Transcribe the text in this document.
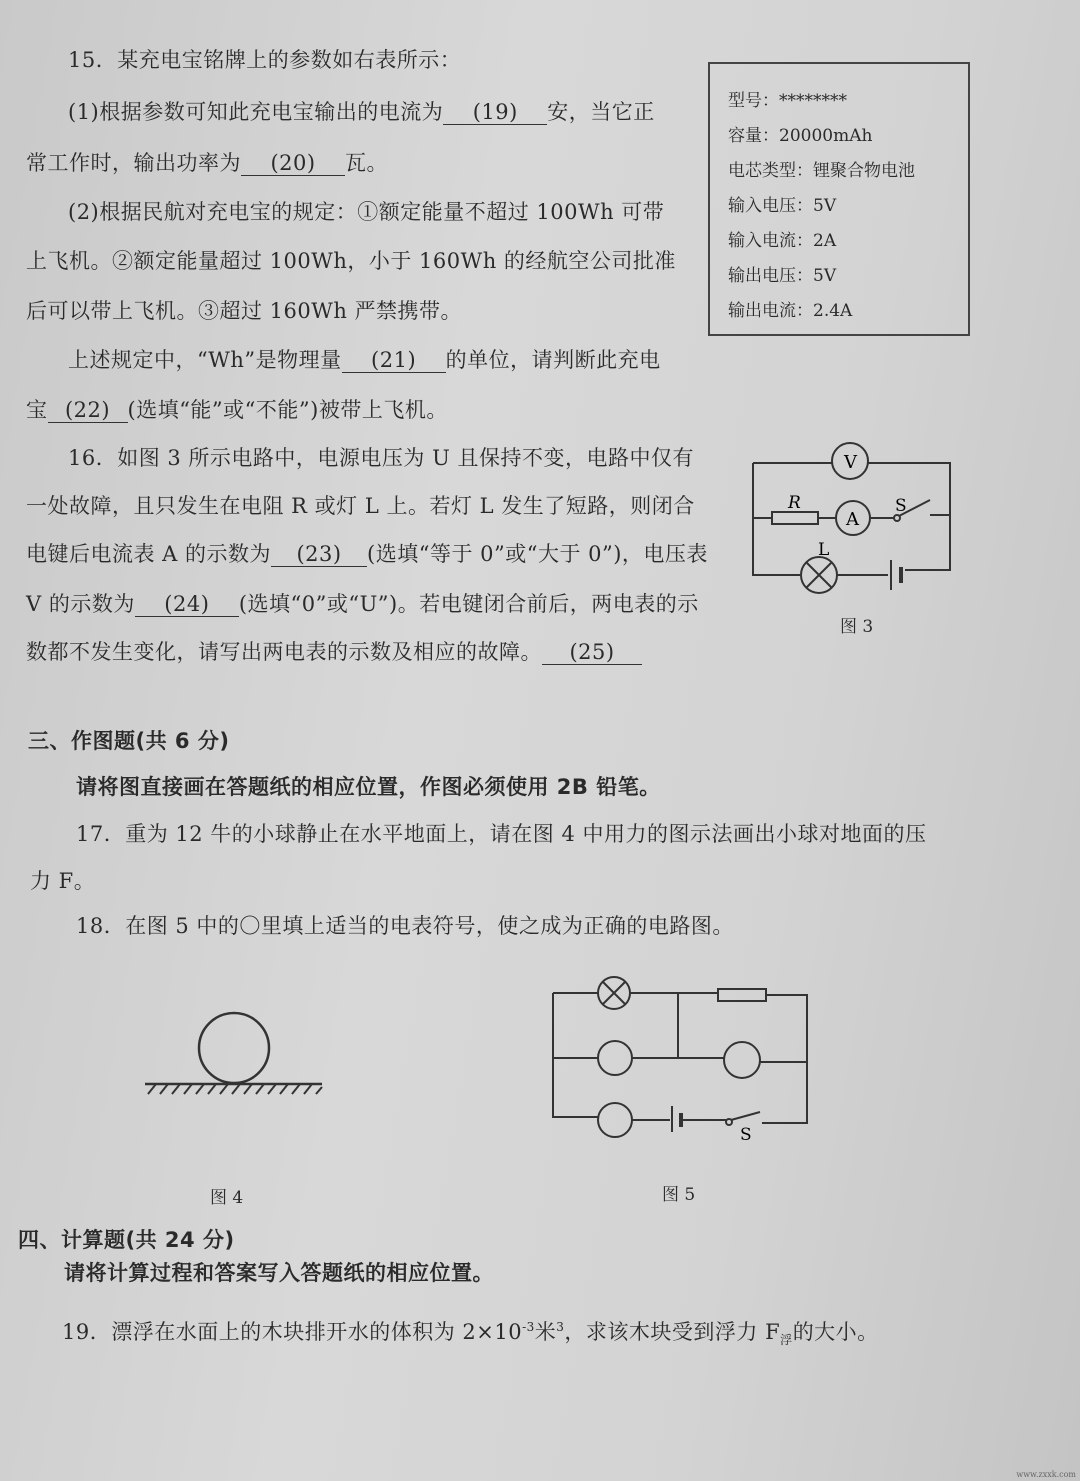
15．某充电宝铭牌上的参数如右表所示：
(1)根据参数可知此充电宝输出的电流为 (19) 安，当它正
常工作时，输出功率为 (20) 瓦。
(2)根据民航对充电宝的规定：①额定能量不超过 100Wh 可带
上飞机。②额定能量超过 100Wh，小于 160Wh 的经航空公司批准
后可以带上飞机。③超过 160Wh 严禁携带。
上述规定中，“Wh”是物理量 (21) 的单位，请判断此充电
宝 (22) (选填“能”或“不能”)被带上飞机。
型号：********
容量：20000mAh
电芯类型：锂聚合物电池
输入电压：5V
输入电流：2A
输出电压：5V
输出电流：2.4A
16．如图 3 所示电路中，电源电压为 U 且保持不变，电路中仅有
一处故障，且只发生在电阻 R 或灯 L 上。若灯 L 发生了短路，则闭合
电键后电流表 A 的示数为 (23) (选填“等于 0”或“大于 0”)，电压表
V 的示数为 (24) (选填“0”或“U”)。若电键闭合前后，两电表的示
数都不发生变化，请写出两电表的示数及相应的故障。 (25)
V
A
R	S
L
图 3
三、作图题(共 6 分)
请将图直接画在答题纸的相应位置，作图必须使用 2B 铅笔。
17．重为 12 牛的小球静止在水平地面上，请在图 4 中用力的图示法画出小球对地面的压
力 F。
18．在图 5 中的〇里填上适当的电表符号，使之成为正确的电路图。
图 4
S
图 5
四、计算题(共 24 分)
请将计算过程和答案写入答题纸的相应位置。
19．漂浮在水面上的木块排开水的体积为 $2\times 10^{-3}$米$^3$，求该木块受到浮力 $F_浮$的大小。
www.zxxk.com
